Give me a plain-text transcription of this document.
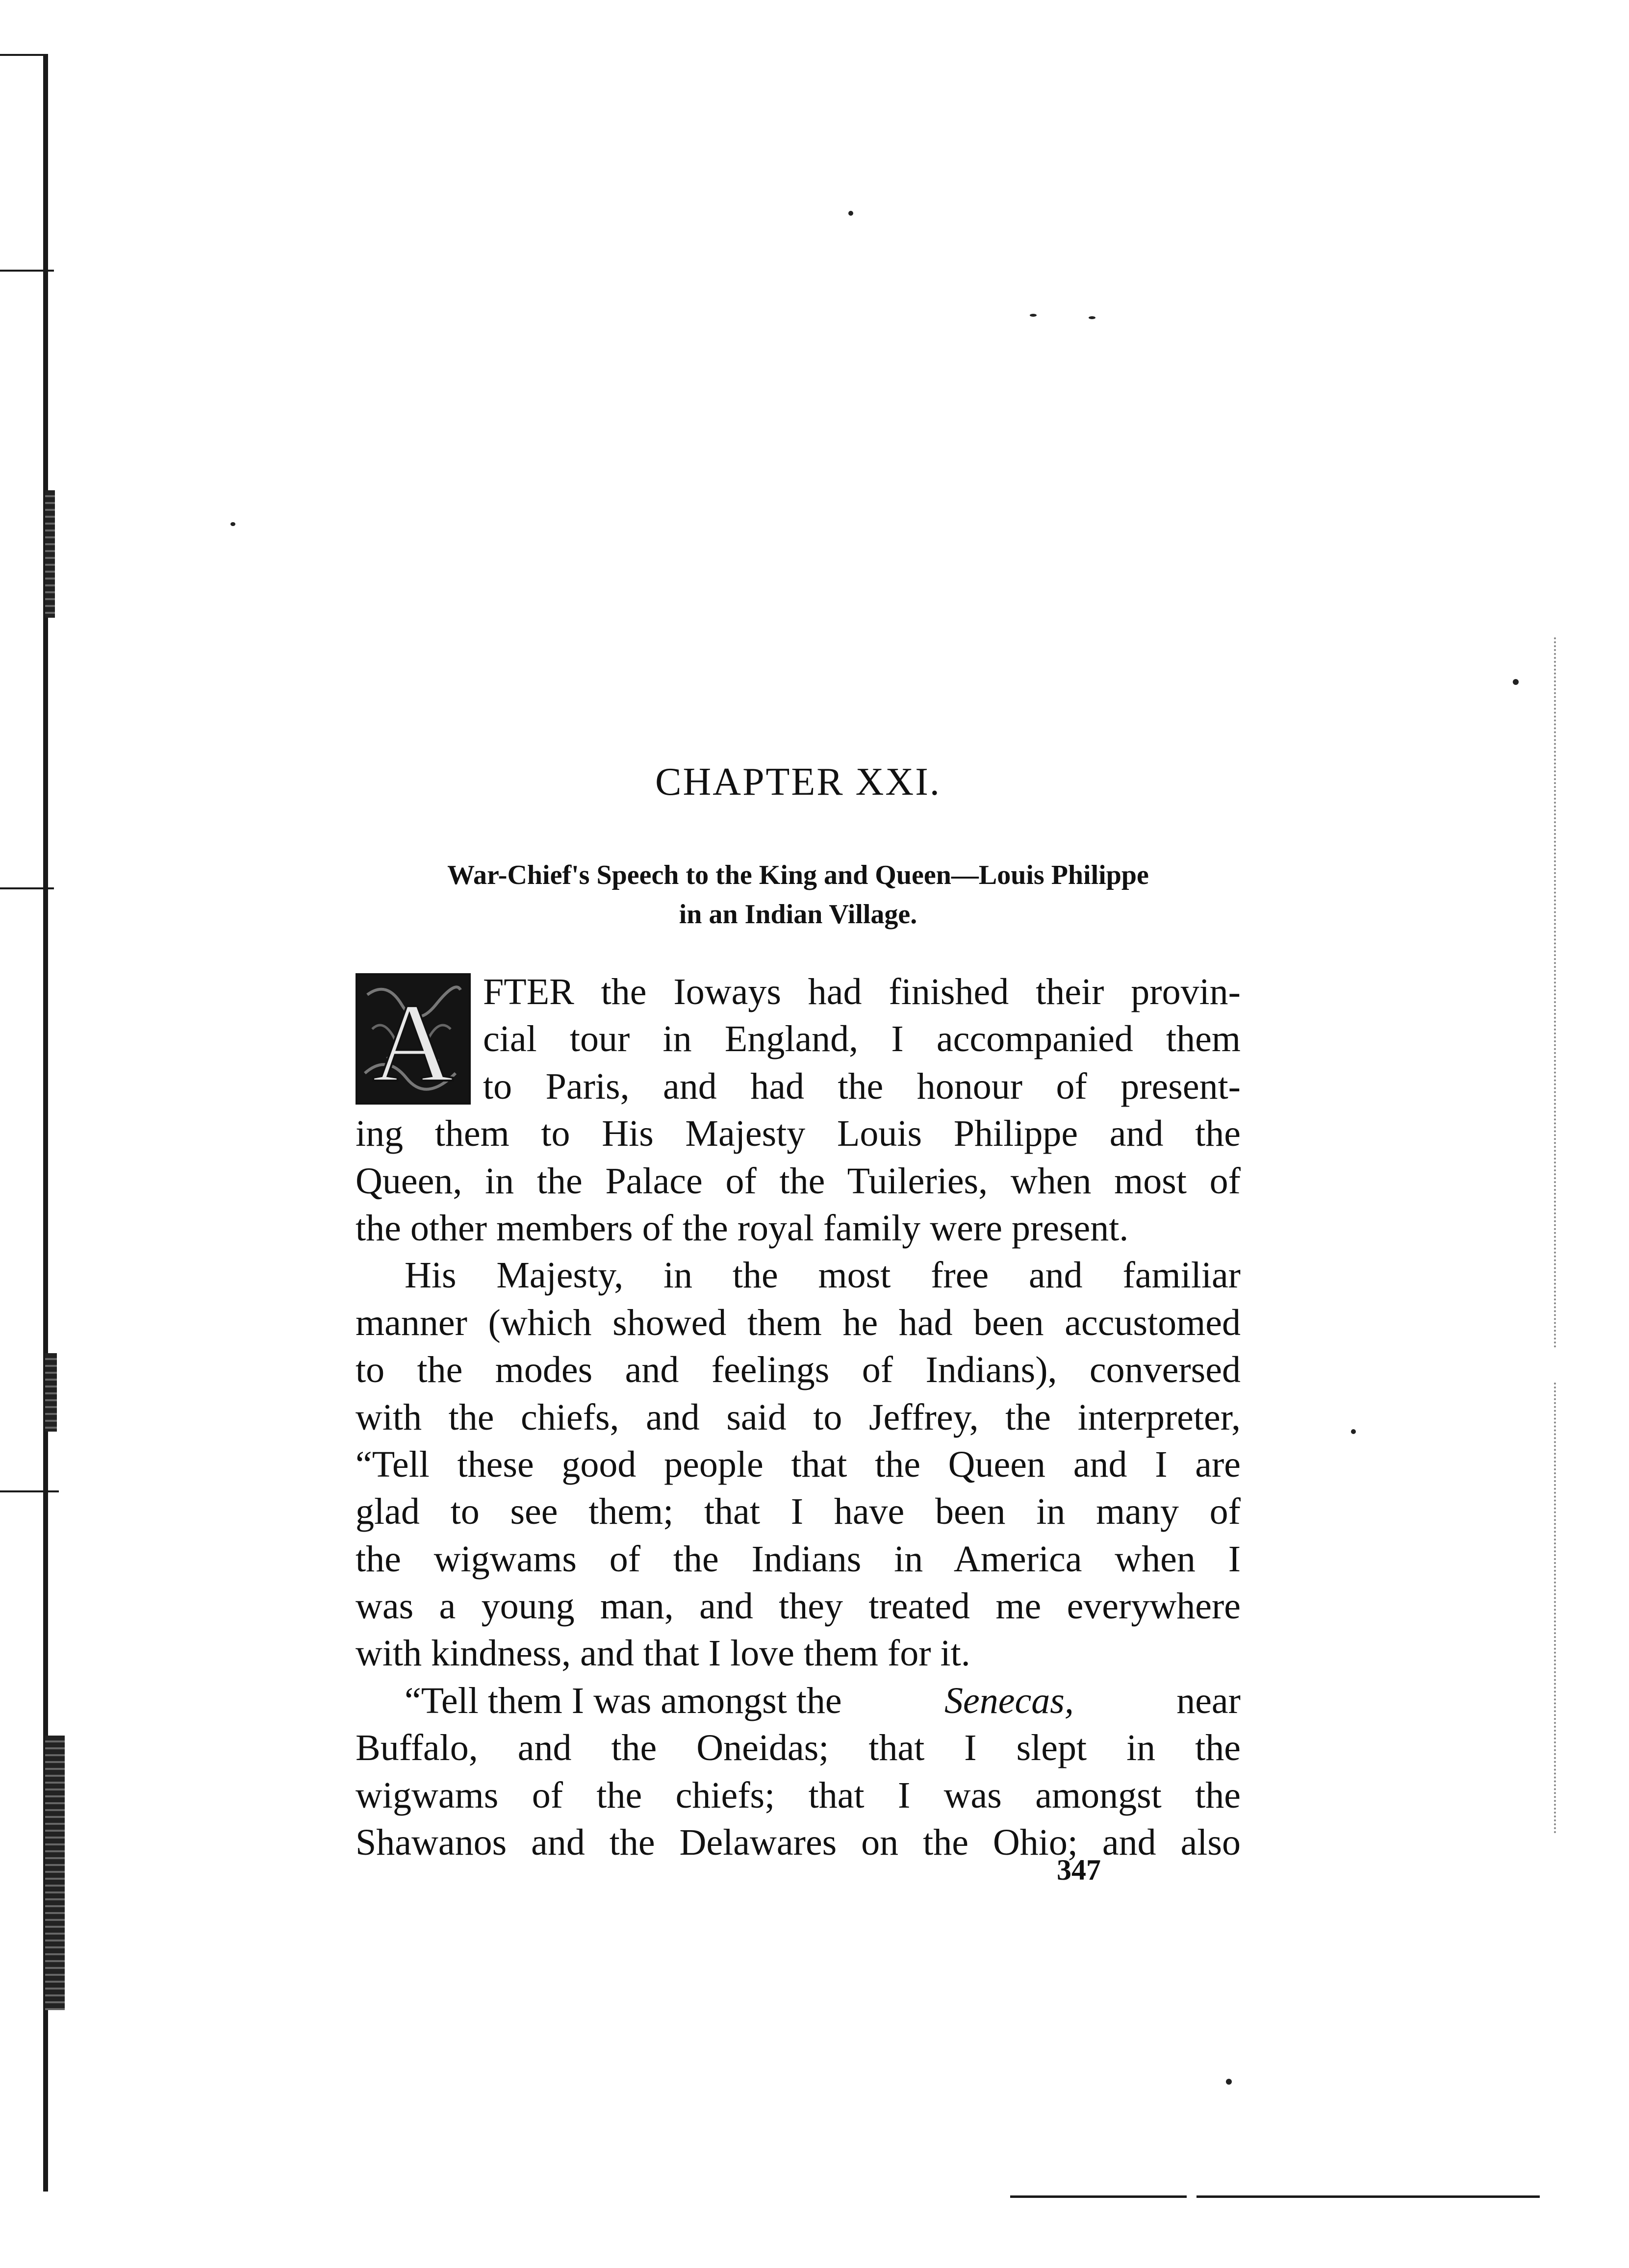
CHAPTER XXI.
War-Chief's Speech to the King and Queen—Louis Philippe
in an Indian Village.
A FTER the Ioways had finished their provin-
cial tour in England, I accompanied them
to Paris, and had the honour of present-
ing them to His Majesty Louis Philippe and the
Queen, in the Palace of the Tuileries, when most of
the other members of the royal family were present.
His Majesty, in the most free and familiar
manner (which showed them he had been accustomed
to the modes and feelings of Indians), conversed
with the chiefs, and said to Jeffrey, the interpreter,
“Tell these good people that the Queen and I are
glad to see them; that I have been in many of
the wigwams of the Indians in America when I
was a young man, and they treated me everywhere
with kindness, and that I love them for it.
“Tell them I was amongst the	Senecas,	near
Buffalo, and the Oneidas; that I slept in the
wigwams of the chiefs; that I was amongst the
Shawanos and the Delawares on the Ohio; and also
347
